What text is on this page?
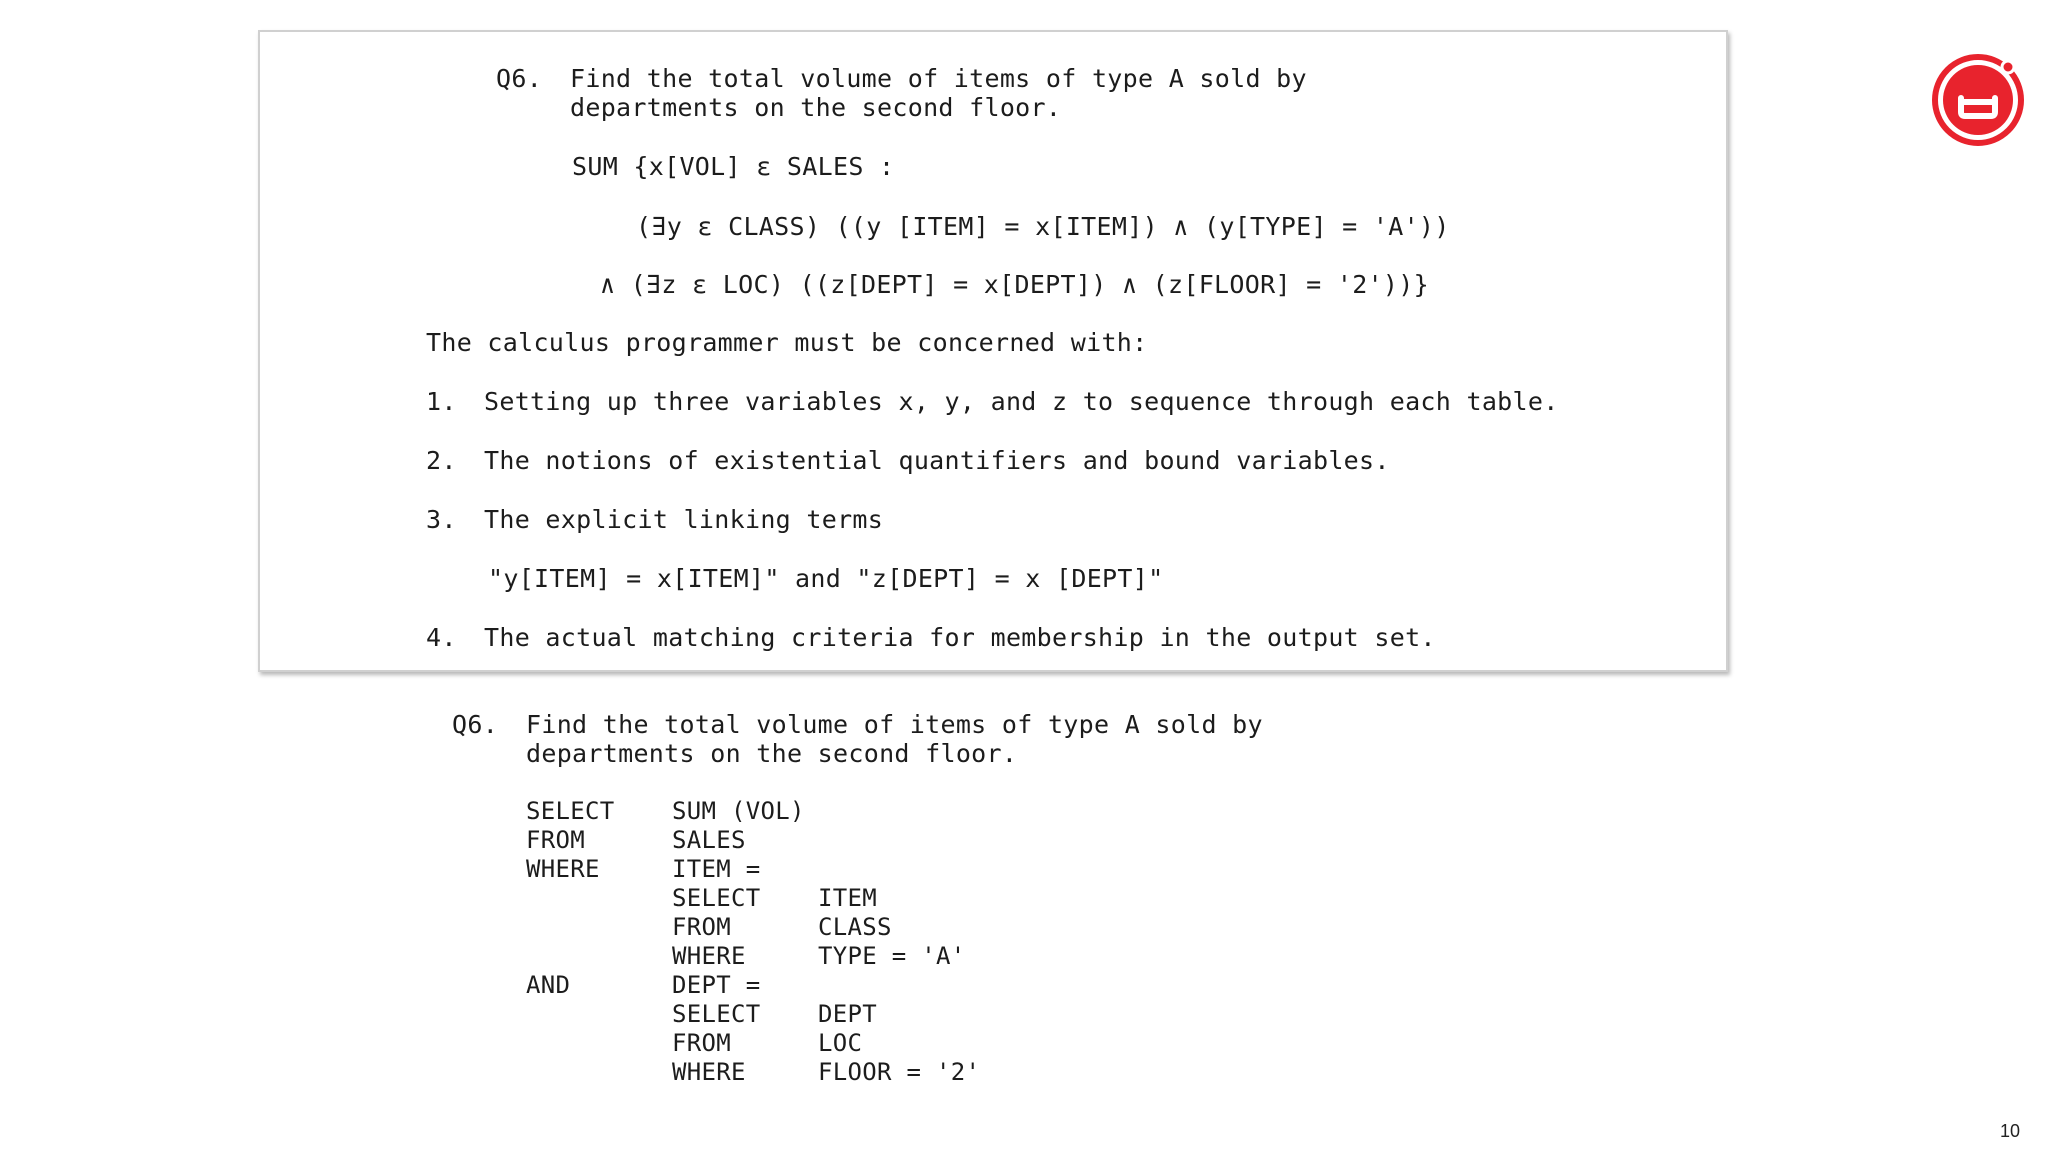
Q6. Find the total volume of items of type A sold by
departments on the second floor.
SUM {x[VOL] ε SALES :
(∃y ε CLASS) ((y [ITEM] = x[ITEM]) ∧ (y[TYPE] = 'A'))
∧ (∃z ε LOC) ((z[DEPT] = x[DEPT]) ∧ (z[FLOOR] = '2'))}
The calculus programmer must be concerned with:
1. Setting up three variables x, y, and z to sequence through each table.
2. The notions of existential quantifiers and bound variables.
3. The explicit linking terms
"y[ITEM] = x[ITEM]" and "z[DEPT] = x [DEPT]"
4. The actual matching criteria for membership in the output set.
Q6. Find the total volume of items of type A sold by
departments on the second floor.
SELECT SUM (VOL)
FROM	SALES
WHERE	ITEM =
SELECT ITEM
FROM	CLASS
WHERE	TYPE = 'A'
AND	DEPT =
SELECT DEPT
FROM	LOC
WHERE	FLOOR = '2'
10
